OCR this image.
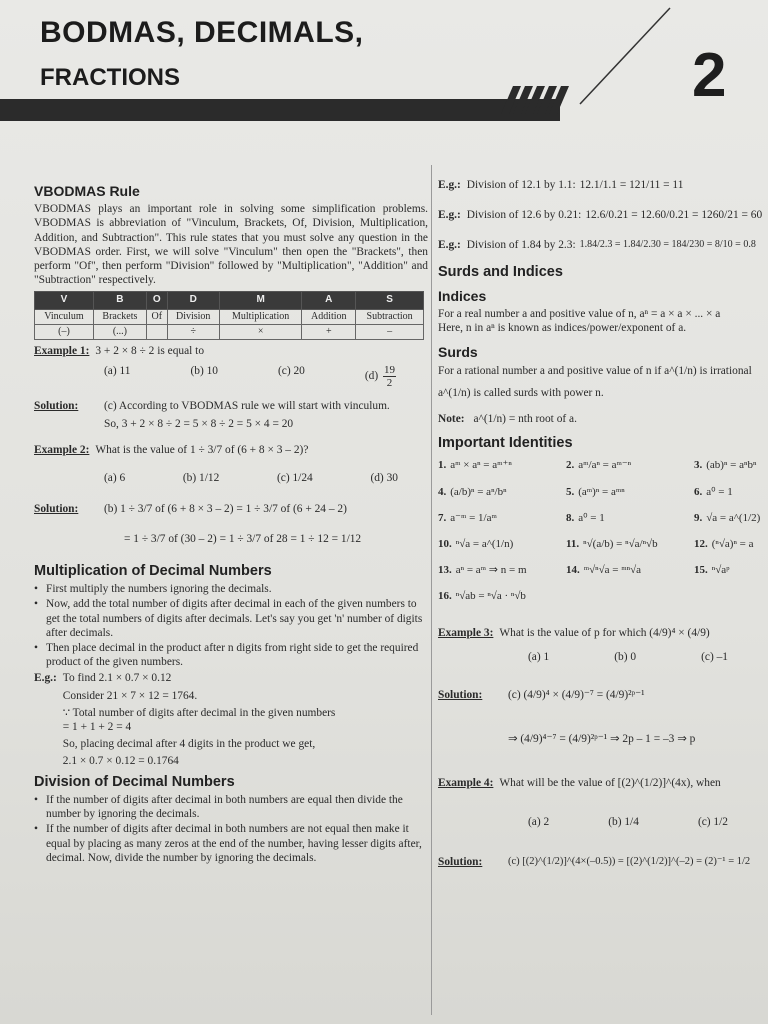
BODMAS, DECIMALS,
FRACTIONS	2
VBODMAS Rule

VBODMAS plays an important role in solving some simplification problems. VBODMAS is abbreviation of "Vinculum, Brackets, Of, Division, Multiplication, Addition, and Subtraction". This rule states that you must solve any question in the VBODMAS order. First, we will solve "Vinculum" then open the "Brackets", then perform "Of", then perform "Division" followed by "Multiplication", "Addition" and "Subtraction" respectively.

V	B	O	D	M	A	S
Vinculum	Brackets	Of	Division	Multiplication	Addition	Subtraction
(–)	(...)		÷	×	+	–
Example 1: 3 + 2 × 8 ÷ 2 is equal to
(a) 11	(b) 10	(c) 20	$(d) \frac{19}{2}$
Solution:	(c) According to VBODMAS rule we will start with vinculum.
So, 3 + 2 × 8 ÷ 2 = 5 × 8 ÷ 2 = 5 × 4 = 20
Example 2: What is the value of 1 ÷ 3/7 of (6 + 8 × 3 – 2)?
(a) 6	(b) 1/12	(c) 1/24	(d) 30
Solution:	(b) 1 ÷ 3/7 of (6 + 8 × 3 – 2) = 1 ÷ 3/7 of (6 + 24 – 2)
= 1 ÷ 3/7 of (30 – 2) = 1 ÷ 3/7 of 28 = 1 ÷ 12 = 1/12
Multiplication of Decimal Numbers
• First multiply the numbers ignoring the decimals.
• Now, add the total number of digits after decimal in each of the given numbers to get the total numbers of digits after decimals. Let's say you get 'n' number of digits after decimals.
• Then place decimal in the product after n digits from right side to get the required product of the given numbers.
E.g.: To find 2.1 × 0.7 × 0.12
Consider 21 × 7 × 12 = 1764.
∵ Total number of digits after decimal in the given numbers
= 1 + 1 + 2 = 4
So, placing decimal after 4 digits in the product we get,
2.1 × 0.7 × 0.12 = 0.1764
Division of Decimal Numbers
• If the number of digits after decimal in both numbers are equal then divide the number by ignoring the decimals.
• If the number of digits after decimal in both numbers are not equal then make it equal by placing as many zeros at the end of the number, having lesser digits after, decimal. Now, divide the number by ignoring the decimals.
E.g.: Division of 12.1 by 1.1: 12.1/1.1 = 121/11 = 11
E.g.: Division of 12.6 by 0.21: 12.6/0.21 = 12.60/0.21 = 1260/21 = 60
E.g.: Division of 1.84 by 2.3: 1.84/2.3 = 1.84/2.30 = 184/230 = 8/10 = 0.8
Surds and Indices
Indices
For a real number a and positive value of n, aⁿ = a × a × ... × a
Here, n in aⁿ is known as indices/power/exponent of a.
Surds
For a rational number a and positive value of n if a^(1/n) is irrational
a^(1/n) is called surds with power n.
Note: a^(1/n) = nth root of a.
Important Identities
1. aᵐ × aⁿ = aᵐ⁺ⁿ	2. aᵐ/aⁿ = aᵐ⁻ⁿ	3. (ab)ⁿ = aⁿbⁿ
4. (a/b)ⁿ = aⁿ/bⁿ	5. (aᵐ)ⁿ = aᵐⁿ	6. a⁰ = 1
7. a⁻ᵐ = 1/aᵐ	8. a⁰ = 1	9. √a = a^(1/2)
10. ⁿ√a = a^(1/n)	11. ⁿ√(a/b) = ⁿ√a/ⁿ√b	12. (ⁿ√a)ⁿ = a
13. aⁿ = aᵐ ⇒ n = m	14. ᵐ√ⁿ√a = ᵐⁿ√a	15. ⁿ√aᵖ
16. ⁿ√ab = ⁿ√a · ⁿ√b
Example 3: What is the value of p for which (4/9)⁴ × (4/9)
(a) 1	(b) 0	(c) –1
Solution:	(c) (4/9)⁴ × (4/9)⁻⁷ = (4/9)²ᵖ⁻¹
⇒ (4/9)⁴⁻⁷ = (4/9)²ᵖ⁻¹ ⇒ 2p – 1 = –3 ⇒ p
Example 4: What will be the value of [(2)^(1/2)]^(4x), when
(a) 2	(b) 1/4	(c) 1/2
Solution:	(c) [(2)^(1/2)]^(4×(–0.5)) = [(2)^(1/2)]^(–2) = (2)⁻¹ = 1/2
